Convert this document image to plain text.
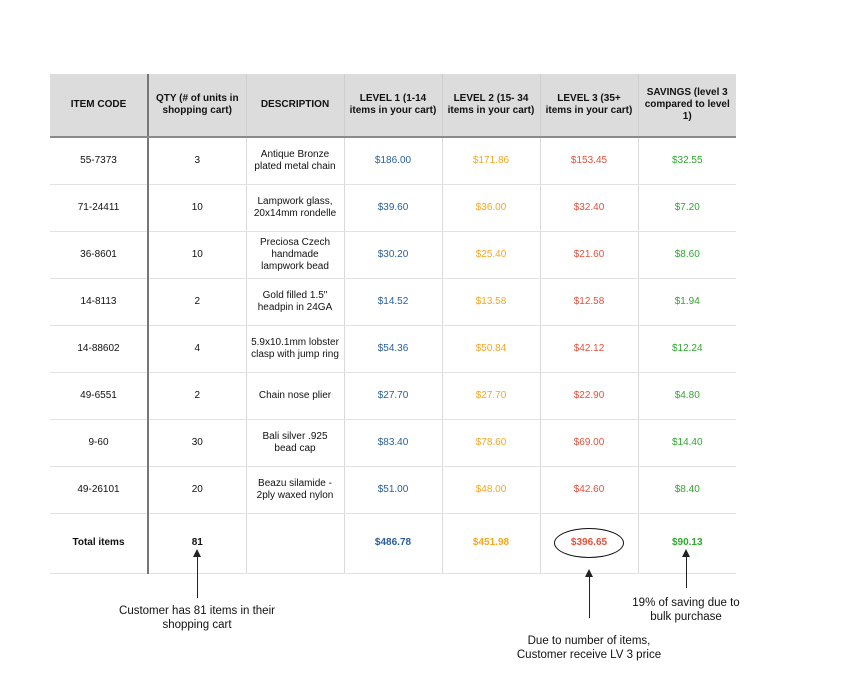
ITEM CODE	QTY (# of units in shopping cart)	DESCRIPTION	LEVEL 1 (1-14 items in your cart)	LEVEL 2 (15- 34 items in your cart)	LEVEL 3 (35+ items in your cart)	SAVINGS (level 3 compared to level 1)
55-7373	3	Antique Bronze plated metal chain	$186.00	$171.86	$153.45	$32.55
71-24411	10	Lampwork glass, 20x14mm rondelle	$39.60	$36.00	$32.40	$7.20
36-8601	10	Preciosa Czech handmade lampwork bead	$30.20	$25.40	$21.60	$8.60
14-8113	2	Gold filled 1.5" headpin in 24GA	$14.52	$13.58	$12.58	$1.94
14-88602	4	5.9x10.1mm lobster clasp with jump ring	$54.36	$50.84	$42.12	$12.24
49-6551	2	Chain nose plier	$27.70	$27.70	$22.90	$4.80
9-60	30	Bali silver .925 bead cap	$83.40	$78.60	$69.00	$14.40
49-26101	20	Beazu silamide - 2ply waxed nylon	$51.00	$48.00	$42.60	$8.40
Total items	81		$486.78	$451.98	$396.65	$90.13
Customer has 81 items in their shopping cart
Due to number of items, Customer receive LV 3 price
19% of saving due to bulk purchase
